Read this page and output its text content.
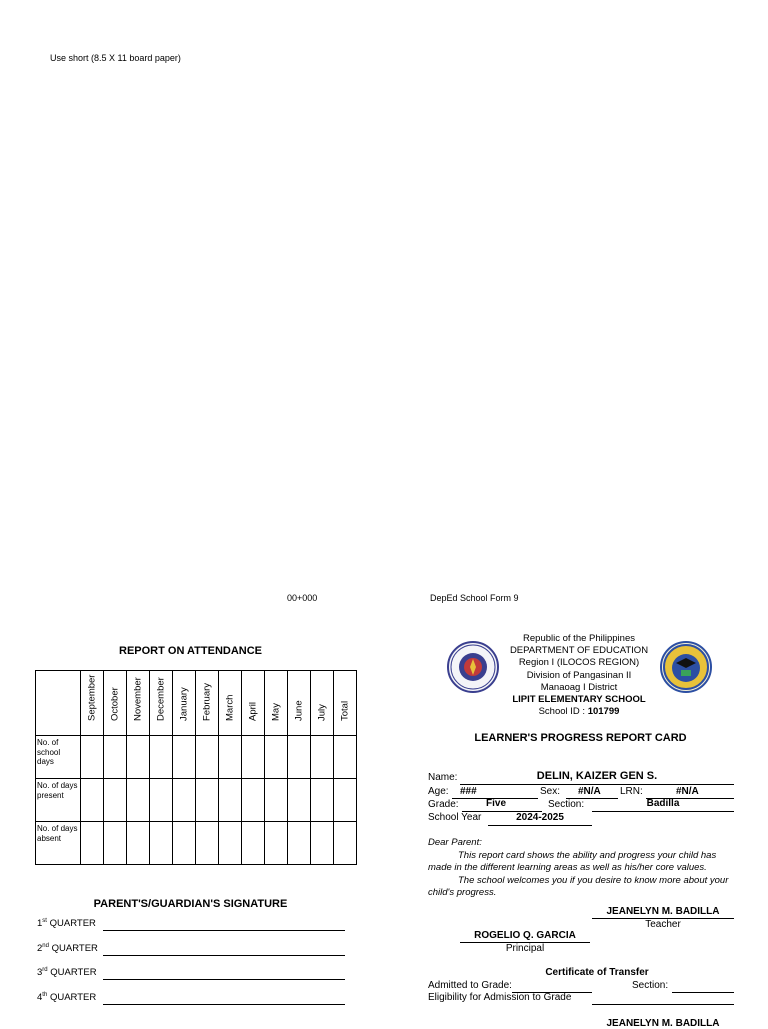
Use short (8.5 X 11 board paper)
00+000	DepEd School Form 9
REPORT ON ATTENDANCE

	September	October	November	December	January	February	March	April	May	June	July	Total

No. of school days												
No. of days present												
No. of days absent												
PARENT'S/GUARDIAN'S SIGNATURE
1st QUARTER
2nd QUARTER
3rd QUARTER
4th QUARTER
Republic of the Philippines
DEPARTMENT OF EDUCATION
Region I (ILOCOS REGION)
Division of Pangasinan II
Manaoag I District
LIPIT ELEMENTARY SCHOOL
School ID : 101799
LEARNER'S PROGRESS REPORT CARD
Name:	DELIN, KAIZER GEN S.
Age: ###	Sex: #N/A LRN:	#N/A
Grade:	Five	Section:	Badilla
School Year	2024-2025
Dear Parent:
This report card shows the ability and progress your child has
made in the different learning areas as well as his/her core values.
The school welcomes you if you desire to know more about your
child's progress.
JEANELYN M. BADILLA
Teacher
ROGELIO Q. GARCIA
Principal
Certificate of Transfer
Admitted to Grade:	Section:
Eligibility for Admission to Grade
JEANELYN M. BADILLA
